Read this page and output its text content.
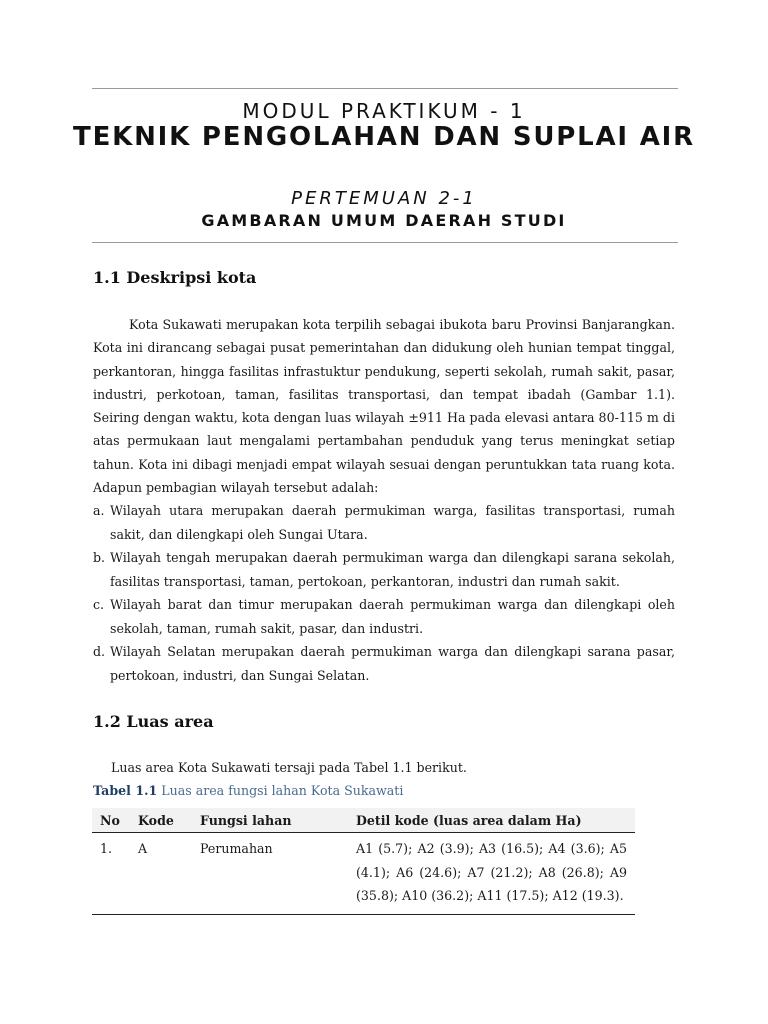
MODUL PRAKTIKUM - 1
TEKNIK PENGOLAHAN DAN SUPLAI AIR
PERTEMUAN 2-1
GAMBARAN UMUM DAERAH STUDI
1.1 Deskripsi kota

Kota Sukawati merupakan kota terpilih sebagai ibukota baru Provinsi Banjarangkan. Kota ini dirancang sebagai pusat pemerintahan dan didukung oleh hunian tempat tinggal, perkantoran, hingga fasilitas infrastuktur pendukung, seperti sekolah, rumah sakit, pasar, industri, perkotoan, taman, fasilitas transportasi, dan tempat ibadah (Gambar 1.1). Seiring dengan waktu, kota dengan luas wilayah ±911 Ha pada elevasi antara 80-115 m di atas permukaan laut mengalami pertambahan penduduk yang terus meningkat setiap tahun. Kota ini dibagi menjadi empat wilayah sesuai dengan peruntukkan tata ruang kota. Adapun pembagian wilayah tersebut adalah:

a. Wilayah utara merupakan daerah permukiman warga, fasilitas transportasi, rumah sakit, dan dilengkapi oleh Sungai Utara.
b. Wilayah tengah merupakan daerah permukiman warga dan dilengkapi sarana sekolah, fasilitas transportasi, taman, pertokoan, perkantoran, industri dan rumah sakit.
c. Wilayah barat dan timur merupakan daerah permukiman warga dan dilengkapi oleh sekolah, taman, rumah sakit, pasar, dan industri.
d. Wilayah Selatan merupakan daerah permukiman warga dan dilengkapi sarana pasar, pertokoan, industri, dan Sungai Selatan.
1.2 Luas area
Luas area Kota Sukawati tersaji pada Tabel 1.1 berikut.
Tabel 1.1 Luas area fungsi lahan Kota Sukawati
No	Kode	Fungsi lahan	Detil kode (luas area dalam Ha)
1.	A	Perumahan	A1 (5.7); A2 (3.9); A3 (16.5); A4 (3.6); A5 (4.1); A6 (24.6); A7 (21.2); A8 (26.8); A9 (35.8); A10 (36.2); A11 (17.5); A12 (19.3).
